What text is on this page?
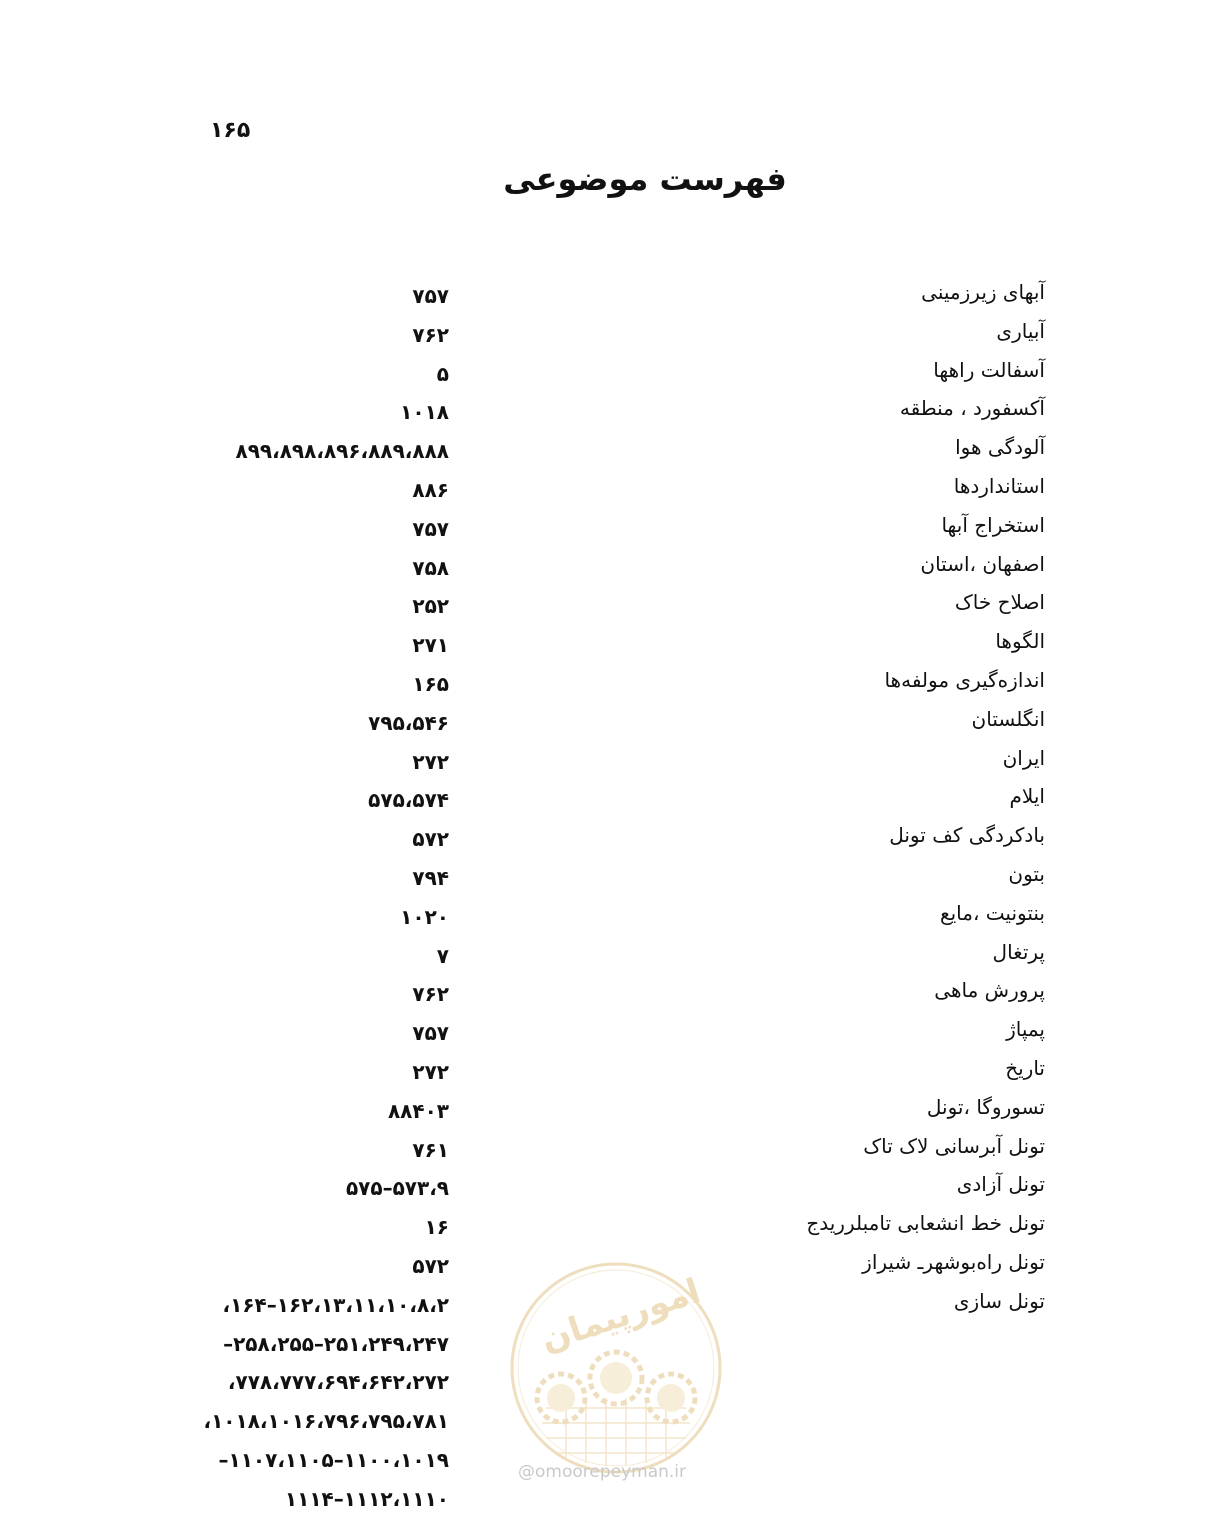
۱۶۵
فهرست موضوعی
آبهای زیرزمینی
آبیاری
آسفالت راهها
آکسفورد ، منطقه
آلودگی هوا
استانداردها
استخراج آبها
اصفهان ،استان
اصلاح خاک
الگوها
اندازه‌گیری مولفه‌ها
انگلستان
ایران
ایلام
بادکردگی کف تونل
بتون
بنتونیت ،مایع
پرتغال
پرورش ماهی
پمپاژ
تاریخ
تسوروگا ،تونل
تونل آبرسانی لاک تاک
تونل آزادی
تونل خط انشعابی تامبلرریدج
تونل راه‌بوشهرـ شیراز
تونل سازی
۷۵۷
۷۶۲
۵
۱۰۱۸
۸۹۹،۸۹۸،۸۹۶،۸۸۹،۸۸۸
۸۸۶
۷۵۷
۷۵۸
۲۵۲
۲۷۱
۱۶۵
۷۹۵،۵۴۶
۲۷۲
۵۷۵،۵۷۴
۵۷۲
۷۹۴
۱۰۲۰
۷
۷۶۲
۷۵۷
۲۷۲
۸۸۴۰۳
۷۶۱
۵۷۵–۵۷۳،۹
۱۶
۵۷۲
،۱۶۴–۱۶۲،۱۳،۱۱،۱۰،۸،۲
–۲۵۸،۲۵۵–۲۵۱،۲۴۹،۲۴۷
،۷۷۸،۷۷۷،۶۹۴،۶۴۲،۲۷۲
،۱۰۱۸،۱۰۱۶،۷۹۶،۷۹۵،۷۸۱
–۱۱۰۷،۱۱۰۵–۱۱۰۰،۱۰۱۹
۱۱۱۴–۱۱۱۲،۱۱۱۰
امورپیمان
@omoorepeyman.ir
